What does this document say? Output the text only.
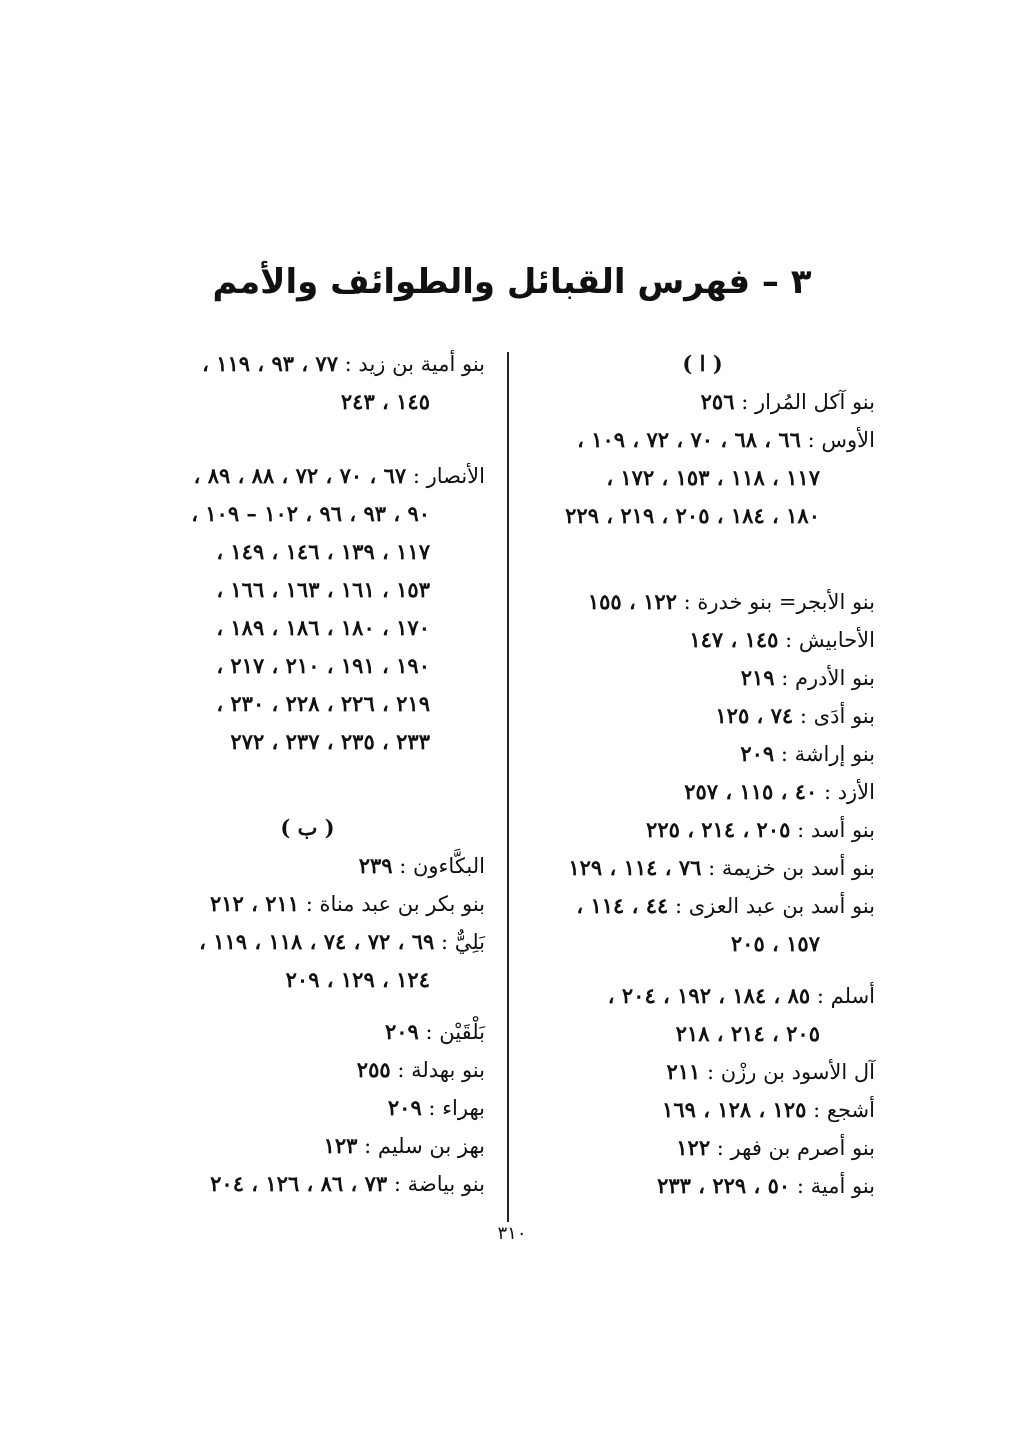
٣ – فهرس القبائل والطوائف والأمم
( ا )
بنو آكل المُرار : ٢٥٦
الأوس : ٦٦ ، ٦٨ ، ٧٠ ، ٧٢ ، ١٠٩ ،
١١٧ ، ١١٨ ، ١٥٣ ، ١٧٢ ،
١٨٠ ، ١٨٤ ، ٢٠٥ ، ٢١٩ ، ٢٢٩
بنو الأبجر= بنو خدرة : ١٢٢ ، ١٥٥
الأحابيش : ١٤٥ ، ١٤٧
بنو الأدرم : ٢١٩
بنو أدَى : ٧٤ ، ١٢٥
بنو إراشة : ٢٠٩
الأزد : ٤٠ ، ١١٥ ، ٢٥٧
بنو أسد : ٢٠٥ ، ٢١٤ ، ٢٢٥
بنو أسد بن خزيمة : ٧٦ ، ١١٤ ، ١٢٩
بنو أسد بن عبد العزى : ٤٤ ، ١١٤ ،
١٥٧ ، ٢٠٥
أسلم : ٨٥ ، ١٨٤ ، ١٩٢ ، ٢٠٤ ،
٢٠٥ ، ٢١٤ ، ٢١٨
آل الأسود بن رزْن : ٢١١
أشجع : ١٢٥ ، ١٢٨ ، ١٦٩
بنو أصرم بن فهر : ١٢٢
بنو أمية : ٥٠ ، ٢٢٩ ، ٢٣٣
بنو أمية بن زيد : ٧٧ ، ٩٣ ، ١١٩ ،
١٤٥ ، ٢٤٣
الأنصار : ٦٧ ، ٧٠ ، ٧٢ ، ٨٨ ، ٨٩ ،
٩٠ ، ٩٣ ، ٩٦ ، ١٠٢ – ١٠٩ ،
١١٧ ، ١٣٩ ، ١٤٦ ، ١٤٩ ،
١٥٣ ، ١٦١ ، ١٦٣ ، ١٦٦ ،
١٧٠ ، ١٨٠ ، ١٨٦ ، ١٨٩ ،
١٩٠ ، ١٩١ ، ٢١٠ ، ٢١٧ ،
٢١٩ ، ٢٢٦ ، ٢٢٨ ، ٢٣٠ ،
٢٣٣ ، ٢٣٥ ، ٢٣٧ ، ٢٧٢
( ب )
البكَّاءون : ٢٣٩
بنو بكر بن عبد مناة : ٢١١ ، ٢١٢
بَلِيٌّ : ٦٩ ، ٧٢ ، ٧٤ ، ١١٨ ، ١١٩ ،
١٢٤ ، ١٢٩ ، ٢٠٩
بَلْقَيْن : ٢٠٩
بنو بهدلة : ٢٥٥
بهراء : ٢٠٩
بهز بن سليم : ١٢٣
بنو بياضة : ٧٣ ، ٨٦ ، ١٢٦ ، ٢٠٤
٣١٠
